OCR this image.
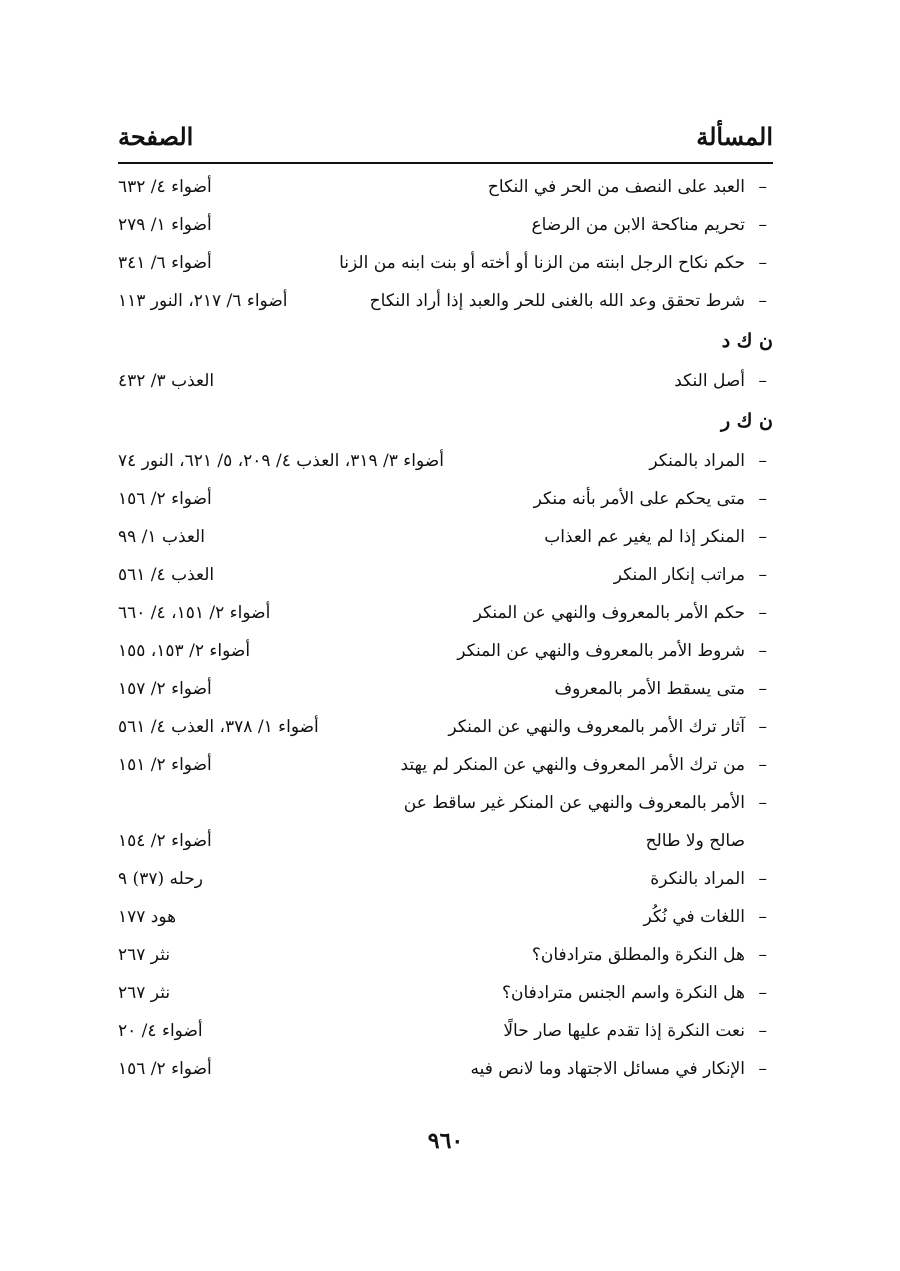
المسألة
الصفحة
–
العبد على النصف من الحر في النكاح
أضواء ٤/ ٦٣٢
–
تحريم مناكحة الابن من الرضاع
أضواء ١/ ٢٧٩
–
حكم نكاح الرجل ابنته من الزنا أو أخته أو بنت ابنه من الزنا
أضواء ٦/ ٣٤١
–
شرط تحقق وعد الله بالغنى للحر والعبد إذا أراد النكاح
أضواء ٦/ ٢١٧، النور ١١٣
ن ك د
–
أصل النكد
العذب ٣/ ٤٣٢
ن ك ر
–
المراد بالمنكر
أضواء ٣/ ٣١٩، العذب ٤/ ٢٠٩، ٥/ ٦٢١، النور ٧٤
–
متى يحكم على الأمر بأنه منكر
أضواء ٢/ ١٥٦
–
المنكر إذا لم يغير عم العذاب
العذب ١/ ٩٩
–
مراتب إنكار المنكر
العذب ٤/ ٥٦١
–
حكم الأمر بالمعروف والنهي عن المنكر
أضواء ٢/ ١٥١، ٤/ ٦٦٠
–
شروط الأمر بالمعروف والنهي عن المنكر
أضواء ٢/ ١٥٣، ١٥٥
–
متى يسقط الأمر بالمعروف
أضواء ٢/ ١٥٧
–
آثار ترك الأمر بالمعروف والنهي عن المنكر
أضواء ١/ ٣٧٨، العذب ٤/ ٥٦١
–
من ترك الأمر المعروف والنهي عن المنكر لم يهتد
أضواء ٢/ ١٥١
–
الأمر بالمعروف والنهي عن المنكر غير ساقط عن
صالح ولا طالح
أضواء ٢/ ١٥٤
–
المراد بالنكرة
رحله (٣٧) ٩
–
اللغات في نُكُر
هود ١٧٧
–
هل النكرة والمطلق مترادفان؟
نثر ٢٦٧
–
هل النكرة واسم الجنس مترادفان؟
نثر ٢٦٧
–
نعت النكرة إذا تقدم عليها صار حالًا
أضواء ٤/ ٢٠
–
الإنكار في مسائل الاجتهاد وما لانص فيه
أضواء ٢/ ١٥٦
٩٦٠
